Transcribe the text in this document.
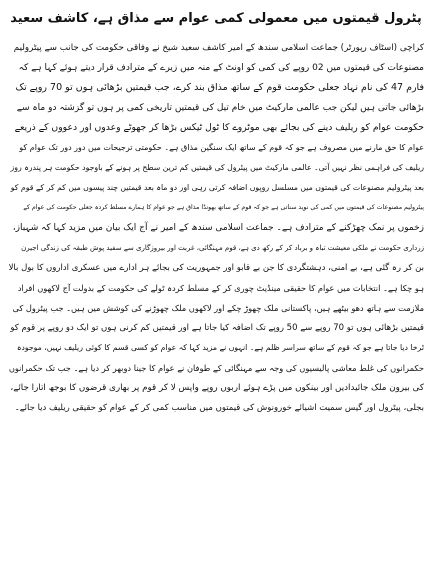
پٹرول قیمتوں میں معمولی کمی عوام سے مذاق ہے، کاشف سعید
کراچی (اسٹاف رپورٹر) جماعت اسلامی سندھ کے امیر کاشف سعید شیخ نے وفاقی حکومت کی جانب سے پیٹرولیم
مصنوعات کی قیمتوں میں 02 روپے کی کمی کو اونٹ کے منہ میں زیرے کے مترادف قرار دیتے ہوئے کہا ہے کہ
فارم 47 کی نام نہاد جعلی حکومت قوم کے ساتھ مذاق بند کرے، جب قیمتیں بڑھائی ہوں تو 70 روپے تک
بڑھائی جاتی ہیں لیکن جب عالمی مارکیٹ میں خام تیل کی قیمتیں تاریخی کمی پر ہوں تو گزشتہ دو ماہ سے
حکومت عوام کو ریلیف دینے کی بجائے بھی موٹروے کا ٹول ٹیکس بڑھا کر جھوٹے وعدوں اور دعووں کے ذریعے
عوام کا حق مارنے میں مصروف ہے جو کہ قوم کے ساتھ ایک سنگین مذاق ہے۔ حکومتی ترجیحات میں دور دور تک عوام کو
ریلیف کی فراہمی نظر نہیں آتی۔ عالمی مارکیٹ میں پیٹرول کی قیمتیں کم ترین سطح پر ہونے کے باوجود حکومت ہر پندرہ روز
بعد پیٹرولیم مصنوعات کی قیمتوں میں مسلسل روپوں اضافہ کرتی رہی اور دو ماہ بعد قیمتیں چند پیسوں میں کم کر کے قوم کو
پیٹرولیم مصنوعات کی قیمتوں میں کمی کی نوید سناتی ہے جو کہ قوم کے ساتھ بھونڈا مذاق ہے جو عوام کا ہمارے مسلط کردہ جعلی حکومت کی عوام کے
زخموں پر نمک چھڑکنے کے مترادف ہے۔ جماعت اسلامی سندھ کے امیر نے آج ایک بیان میں مزید کہا کہ شہباز،
زرداری حکومت نے ملکی معیشت تباہ و برباد کر کے رکھ دی ہے، قوم مہنگائی، غربت اور بیروزگاری سے سفید پوش طبقہ کی زندگی اجیرن
بن کر رہ گئی ہے، بے امنی، دہشتگردی کا جن بے قابو اور جمہوریت کی بجائے ہر ادارے میں عسکری اداروں کا بول بالا
ہو چکا ہے۔ انتخابات میں عوام کا حقیقی مینڈیٹ چوری کر کے مسلط کردہ ٹولے کی حکومت کے بدولت آج لاکھوں افراد
ملازمت سے ہاتھ دھو بیٹھے ہیں، پاکستانی ملک چھوڑ چکے اور لاکھوں ملک چھوڑنے کی کوشش میں ہیں۔ جب پیٹرول کی
قیمتیں بڑھائی ہوں تو 70 روپے سے 50 روپے تک اضافہ کیا جاتا ہے اور قیمتیں کم کرنی ہوں تو ایک دو روپے پر قوم کو
ٹرخا دیا جاتا ہے جو کہ قوم کے ساتھ سراسر ظلم ہے۔ انہوں نے مزید کہا کہ عوام کو کسی قسم کا کوئی ریلیف نہیں، موجودہ
حکمرانوں کی غلط معاشی پالیسیوں کی وجہ سے مہنگائی کے طوفان نے عوام کا جینا دوبھر کر دیا ہے۔ جب تک حکمرانوں
کی بیرون ملک جائیدادیں اور بینکوں میں پڑے ہوئے اربوں روپے واپس لا کر قوم پر بھاری قرضوں کا بوجھ اتارا جائے،
بجلی، پیٹرول اور گیس سمیت اشیائے خورونوش کی قیمتوں میں مناسب کمی کر کے عوام کو حقیقی ریلیف دیا جائے۔
